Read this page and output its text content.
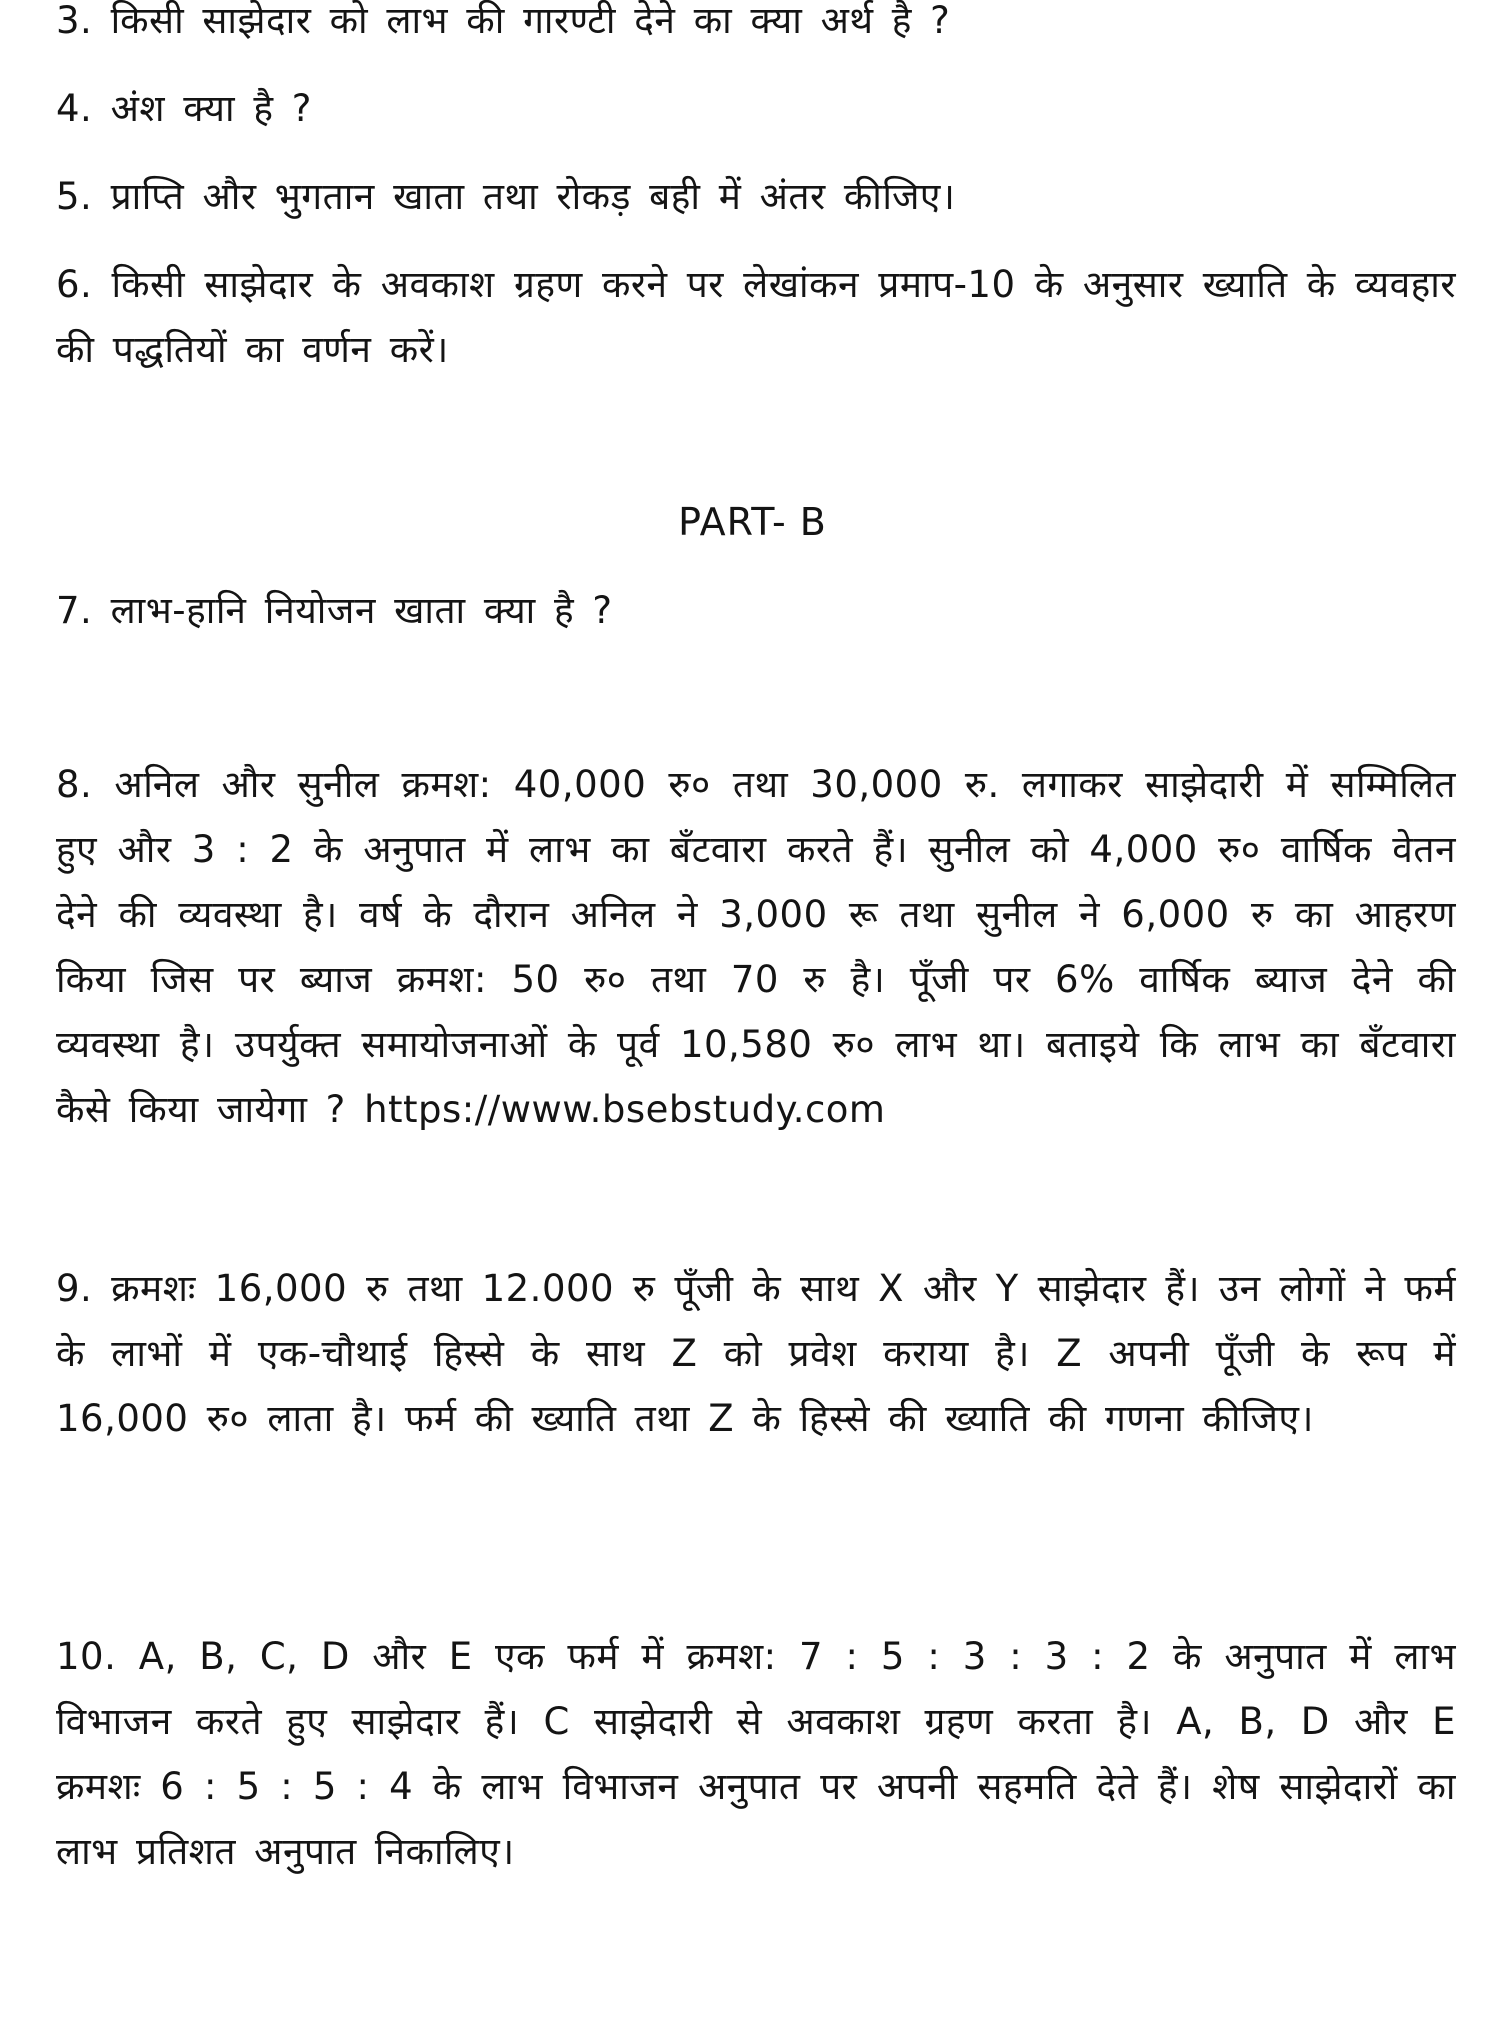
3. किसी साझेदार को लाभ की गारण्टी देने का क्या अर्थ है ?

4. अंश क्या है ?

5. प्राप्ति और भुगतान खाता तथा रोकड़ बही में अंतर कीजिए।

6. किसी साझेदार के अवकाश ग्रहण करने पर लेखांकन प्रमाप-10 के अनुसार ख्याति के व्यवहार की पद्धतियों का वर्णन करें।

PART- B

7. लाभ-हानि नियोजन खाता क्या है ?

8. अनिल और सुनील क्रमश: 40,000 रु० तथा 30,000 रु. लगाकर साझेदारी में सम्मिलित हुए और 3 : 2 के अनुपात में लाभ का बँटवारा करते हैं। सुनील को 4,000 रु० वार्षिक वेतन देने की व्यवस्था है। वर्ष के दौरान अनिल ने 3,000 रू तथा सुनील ने 6,000 रु का आहरण किया जिस पर ब्याज क्रमश: 50 रु० तथा 70 रु है। पूँजी पर 6% वार्षिक ब्याज देने की व्यवस्था है। उपर्युक्त समायोजनाओं के पूर्व 10,580 रु० लाभ था। बताइये कि लाभ का बँटवारा कैसे किया जायेगा ? https://www.bsebstudy.com

9. क्रमशः 16,000 रु तथा 12.000 रु पूँजी के साथ X और Y साझेदार हैं। उन लोगों ने फर्म के लाभों में एक-चौथाई हिस्से के साथ Z को प्रवेश कराया है। Z अपनी पूँजी के रूप में 16,000 रु० लाता है। फर्म की ख्याति तथा Z के हिस्से की ख्याति की गणना कीजिए।

10. A, B, C, D और E एक फर्म में क्रमश: 7 : 5 : 3 : 3 : 2 के अनुपात में लाभ विभाजन करते हुए साझेदार हैं। C साझेदारी से अवकाश ग्रहण करता है। A, B, D और E क्रमशः 6 : 5 : 5 : 4 के लाभ विभाजन अनुपात पर अपनी सहमति देते हैं। शेष साझेदारों का लाभ प्रतिशत अनुपात निकालिए।
